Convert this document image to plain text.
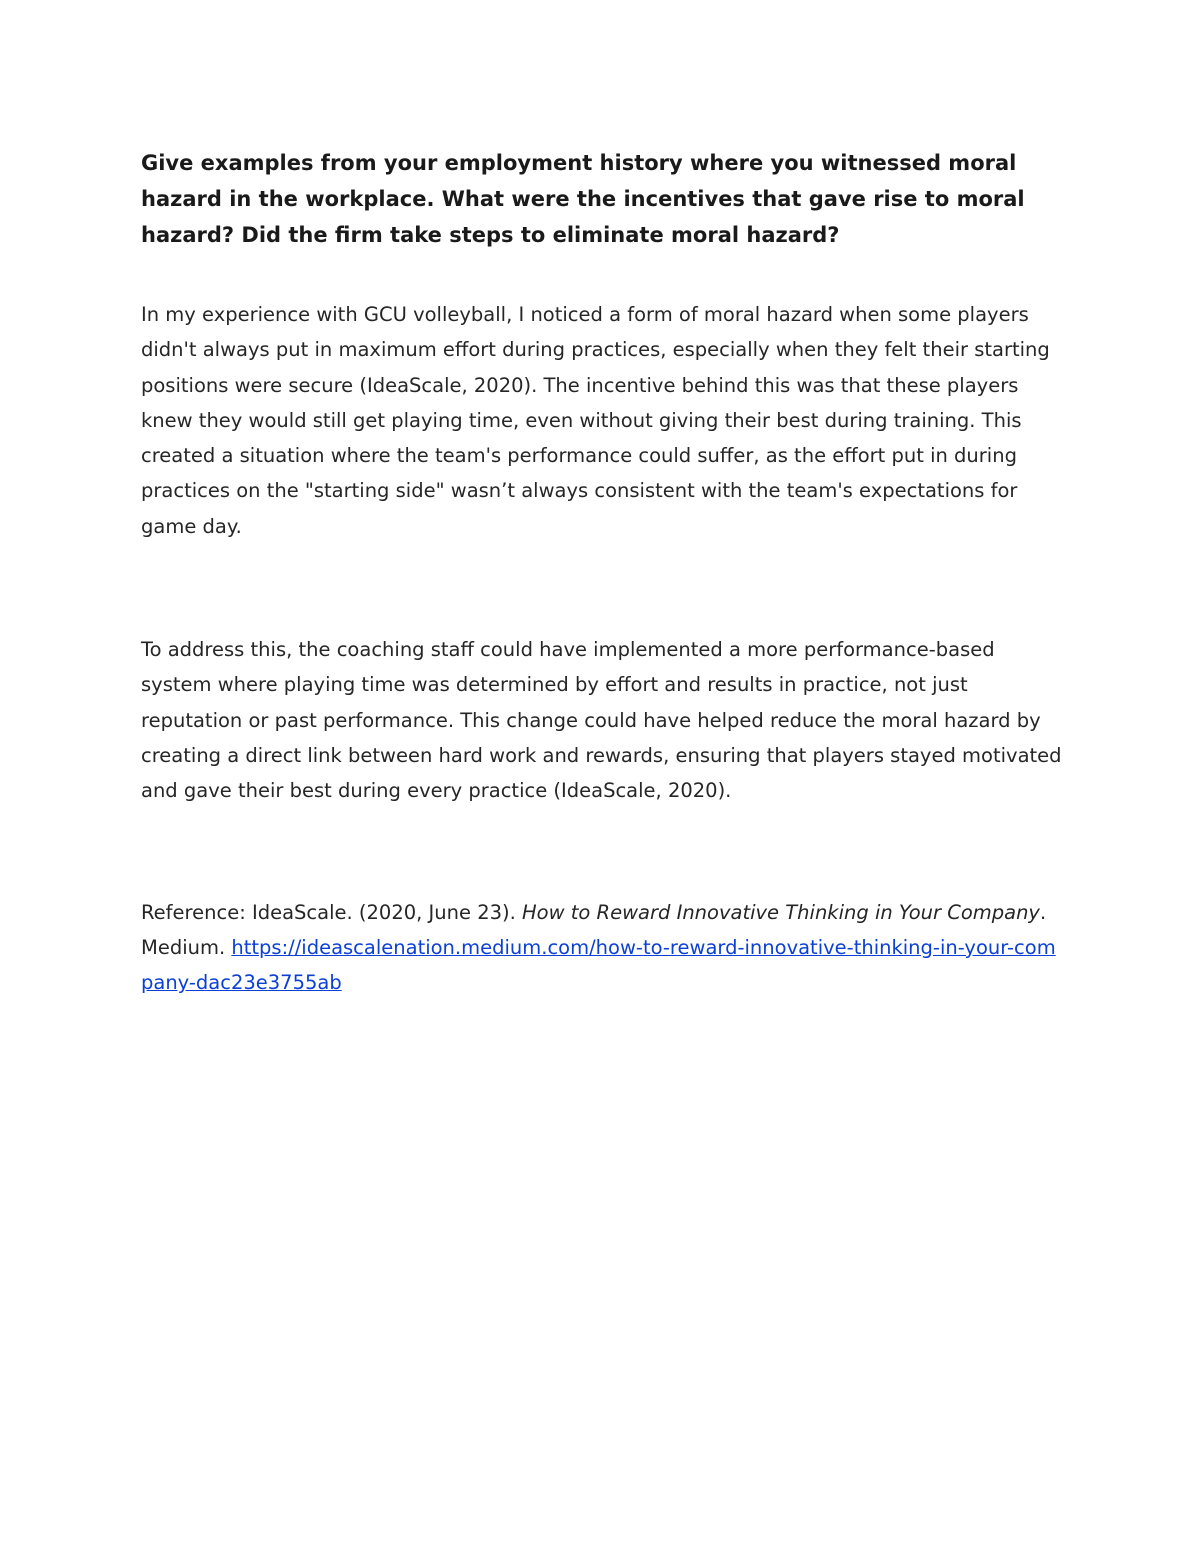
Give examples from your employment history where you witnessed moral hazard in the workplace. What were the incentives that gave rise to moral hazard? Did the firm take steps to eliminate moral hazard?

In my experience with GCU volleyball, I noticed a form of moral hazard when some players didn't always put in maximum effort during practices, especially when they felt their starting positions were secure (IdeaScale, 2020). The incentive behind this was that these players knew they would still get playing time, even without giving their best during training. This created a situation where the team's performance could suffer, as the effort put in during practices on the "starting side" wasn’t always consistent with the team's expectations for game day.

To address this, the coaching staff could have implemented a more performance-based system where playing time was determined by effort and results in practice, not just reputation or past performance. This change could have helped reduce the moral hazard by creating a direct link between hard work and rewards, ensuring that players stayed motivated and gave their best during every practice (IdeaScale, 2020).

Reference: IdeaScale. (2020, June 23). How to Reward Innovative Thinking in Your Company. Medium. https://ideascalenation.medium.com/how-to-reward-innovative-thinking-in-your-company-dac23e3755ab
